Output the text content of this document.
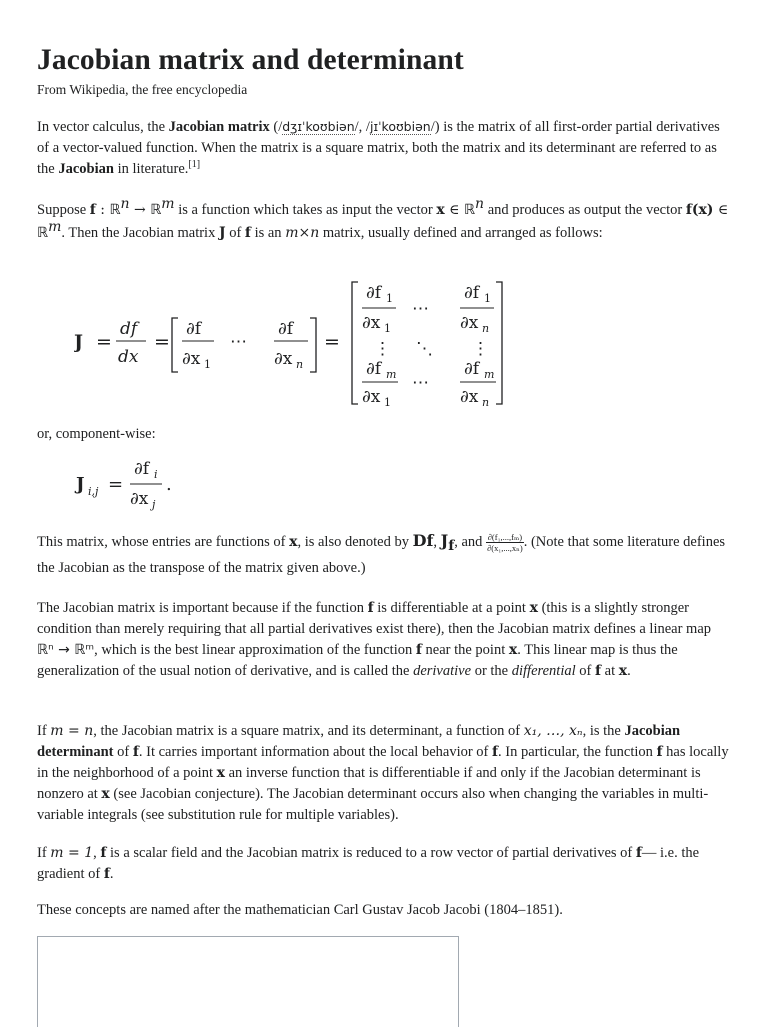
Jacobian matrix and determinant
From Wikipedia, the free encyclopedia
In vector calculus, the Jacobian matrix (/dʒɪˈkoʊbiən/, /jɪˈkoʊbiən/) is the matrix of all first-order partial derivatives of a vector-valued function. When the matrix is a square matrix, both the matrix and its determinant are referred to as the Jacobian in literature.[1]
Suppose f : ℝ$^n$ → ℝ$^m$ is a function which takes as input the vector x ∈ ℝ$^n$ and produces as output the vector f(x) ∈ ℝ$^m$. Then the Jacobian matrix J of f is an m×n matrix, usually defined and arranged as follows:
J =
df
dx
=
∂f
∂x 1
⋯
∂f
∂x n
=
∂f 1
∂x 1
⋯
∂f 1
∂x n
⋮ ⋱ ⋮
∂f m
∂x 1
⋯
∂f m
∂x n
or, component-wise:
J i,j =
∂f i
∂x j
.
This matrix, whose entries are functions of x, is also denoted by Df, $J_f$, and $\frac{\text{∂(f₁,...,fₘ)}}{\text{∂(x₁,...,xₙ)}}$ . (Note that some literature defines the Jacobian as the transpose of the matrix given above.)
The Jacobian matrix is important because if the function f is differentiable at a point x (this is a slightly stronger condition than merely requiring that all partial derivatives exist there), then the Jacobian matrix defines a linear map ℝⁿ → ℝᵐ, which is the best linear approximation of the function f near the point x. This linear map is thus the generalization of the usual notion of derivative, and is called the derivative or the differential of f at x.
If m = n, the Jacobian matrix is a square matrix, and its determinant, a function of x₁, …, xₙ, is the Jacobian determinant of f. It carries important information about the local behavior of f. In particular, the function f has locally in the neighborhood of a point x an inverse function that is differentiable if and only if the Jacobian determinant is nonzero at x (see Jacobian conjecture). The Jacobian determinant occurs also when changing the variables in multi-variable integrals (see substitution rule for multiple variables).
If m = 1, f is a scalar field and the Jacobian matrix is reduced to a row vector of partial derivatives of f— i.e. the gradient of f.
These concepts are named after the mathematician Carl Gustav Jacob Jacobi (1804–1851).
